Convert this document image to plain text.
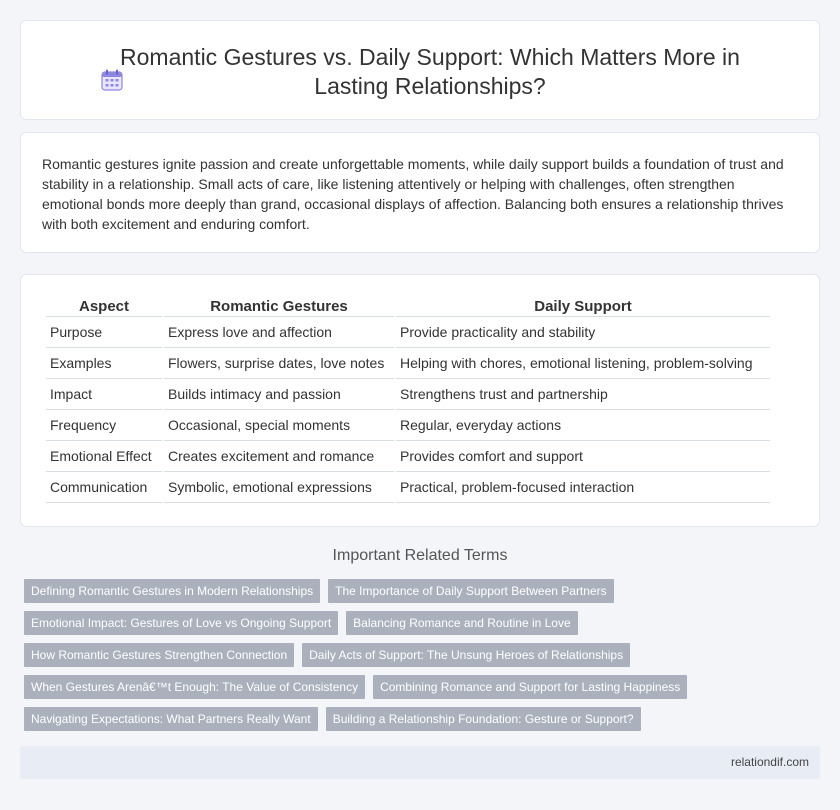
Romantic Gestures vs. Daily Support: Which Matters More in Lasting Relationships?

Romantic gestures ignite passion and create unforgettable moments, while daily support builds a foundation of trust and stability in a relationship. Small acts of care, like listening attentively or helping with challenges, often strengthen emotional bonds more deeply than grand, occasional displays of affection. Balancing both ensures a relationship thrives with both excitement and enduring comfort.

Aspect	Romantic Gestures	Daily Support
Purpose	Express love and affection	Provide practicality and stability
Examples	Flowers, surprise dates, love notes	Helping with chores, emotional listening, problem-solving
Impact	Builds intimacy and passion	Strengthens trust and partnership
Frequency	Occasional, special moments	Regular, everyday actions
Emotional Effect	Creates excitement and romance	Provides comfort and support
Communication	Symbolic, emotional expressions	Practical, problem-focused interaction
Important Related Terms
Defining Romantic Gestures in Modern Relationships	The Importance of Daily Support Between Partners
Emotional Impact: Gestures of Love vs Ongoing Support	Balancing Romance and Routine in Love
How Romantic Gestures Strengthen Connection	Daily Acts of Support: The Unsung Heroes of Relationships
When Gestures Arenâ€™t Enough: The Value of Consistency	Combining Romance and Support for Lasting Happiness
Navigating Expectations: What Partners Really Want	Building a Relationship Foundation: Gesture or Support?
relationdif.com
